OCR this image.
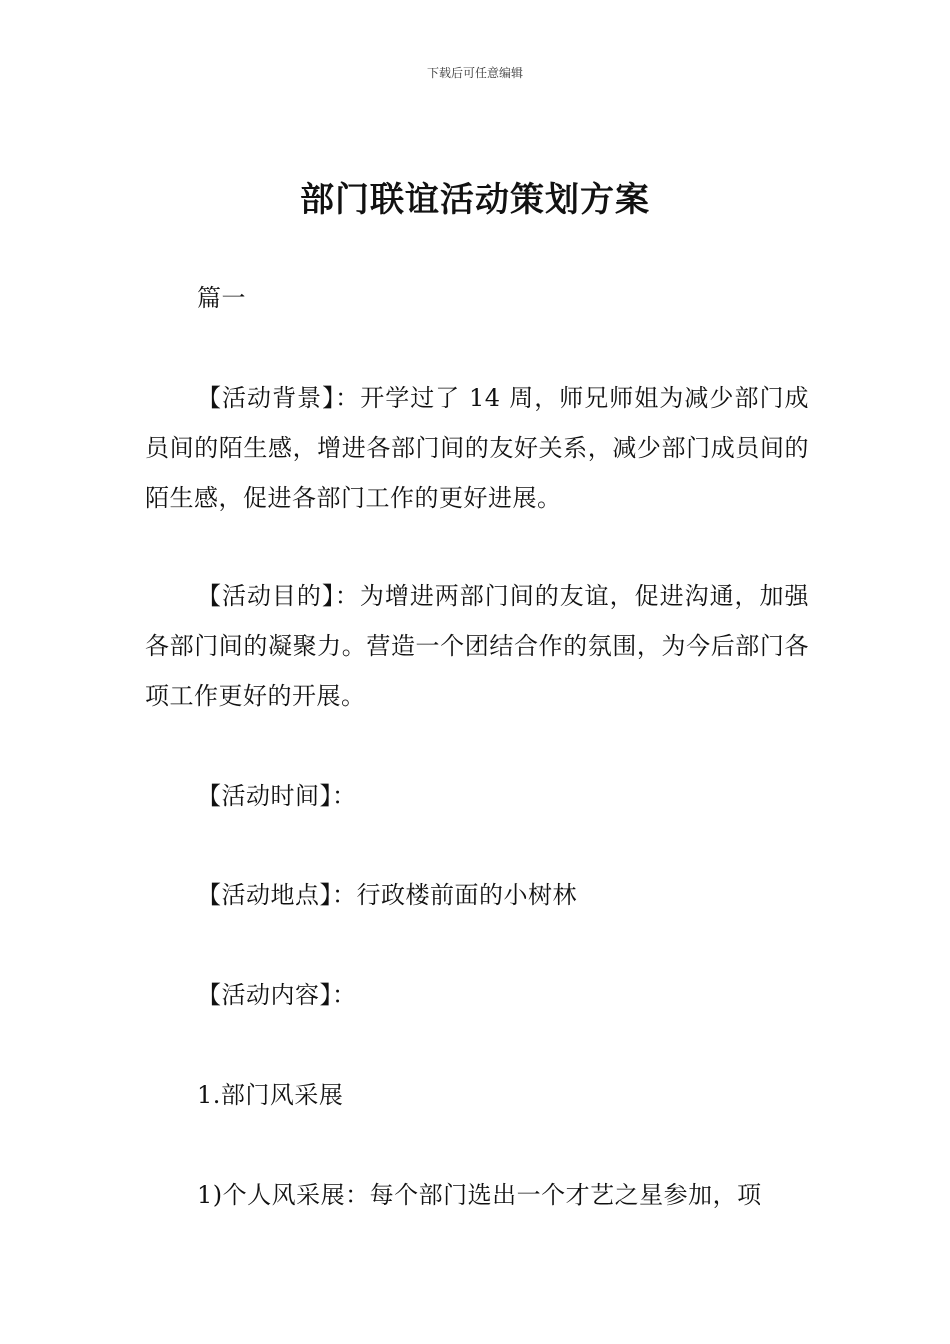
下载后可任意编辑
部门联谊活动策划方案

篇一

【活动背景】：开学过了 14 周，师兄师姐为减少部门成员间的陌生感，增进各部门间的友好关系，减少部门成员间的陌生感，促进各部门工作的更好进展。

【活动目的】：为增进两部门间的友谊，促进沟通，加强各部门间的凝聚力。营造一个团结合作的氛围，为今后部门各项工作更好的开展。

【活动时间】：

【活动地点】：行政楼前面的小树林

【活动内容】：

1.部门风采展

1)个人风采展：每个部门选出一个才艺之星参加，项
